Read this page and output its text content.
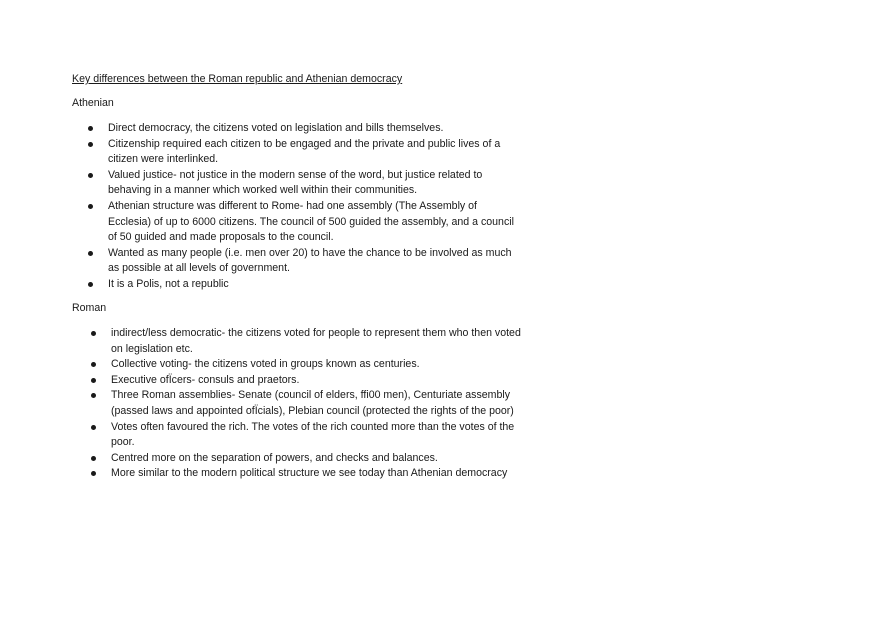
Key differences between the Roman republic and Athenian democracy
Athenian
Direct democracy, the citizens voted on legislation and bills themselves.
Citizenship required each citizen to be engaged and the private and public lives of a citizen were interlinked.
Valued justice- not justice in the modern sense of the word, but justice related to behaving in a manner which worked well within their communities.
Athenian structure was different to Rome- had one assembly (The Assembly of Ecclesia) of up to 6000 citizens. The council of 500 guided the assembly, and a council of 50 guided and made proposals to the council.
Wanted as many people (i.e. men over 20) to have the chance to be involved as much as possible at all levels of government.
It is a Polis, not a republic
Roman
indirect/less democratic- the citizens voted for people to represent them who then voted on legislation etc.
Collective voting- the citizens voted in groups known as centuries.
Executive ofÏcers- consuls and praetors.
Three Roman assemblies- Senate (council of elders, ffi00 men), Centuriate assembly (passed laws and appointed ofÏcials), Plebian council (protected the rights of the poor)
Votes often favoured the rich. The votes of the rich counted more than the votes of the poor.
Centred more on the separation of powers, and checks and balances.
More similar to the modern political structure we see today than Athenian democracy
